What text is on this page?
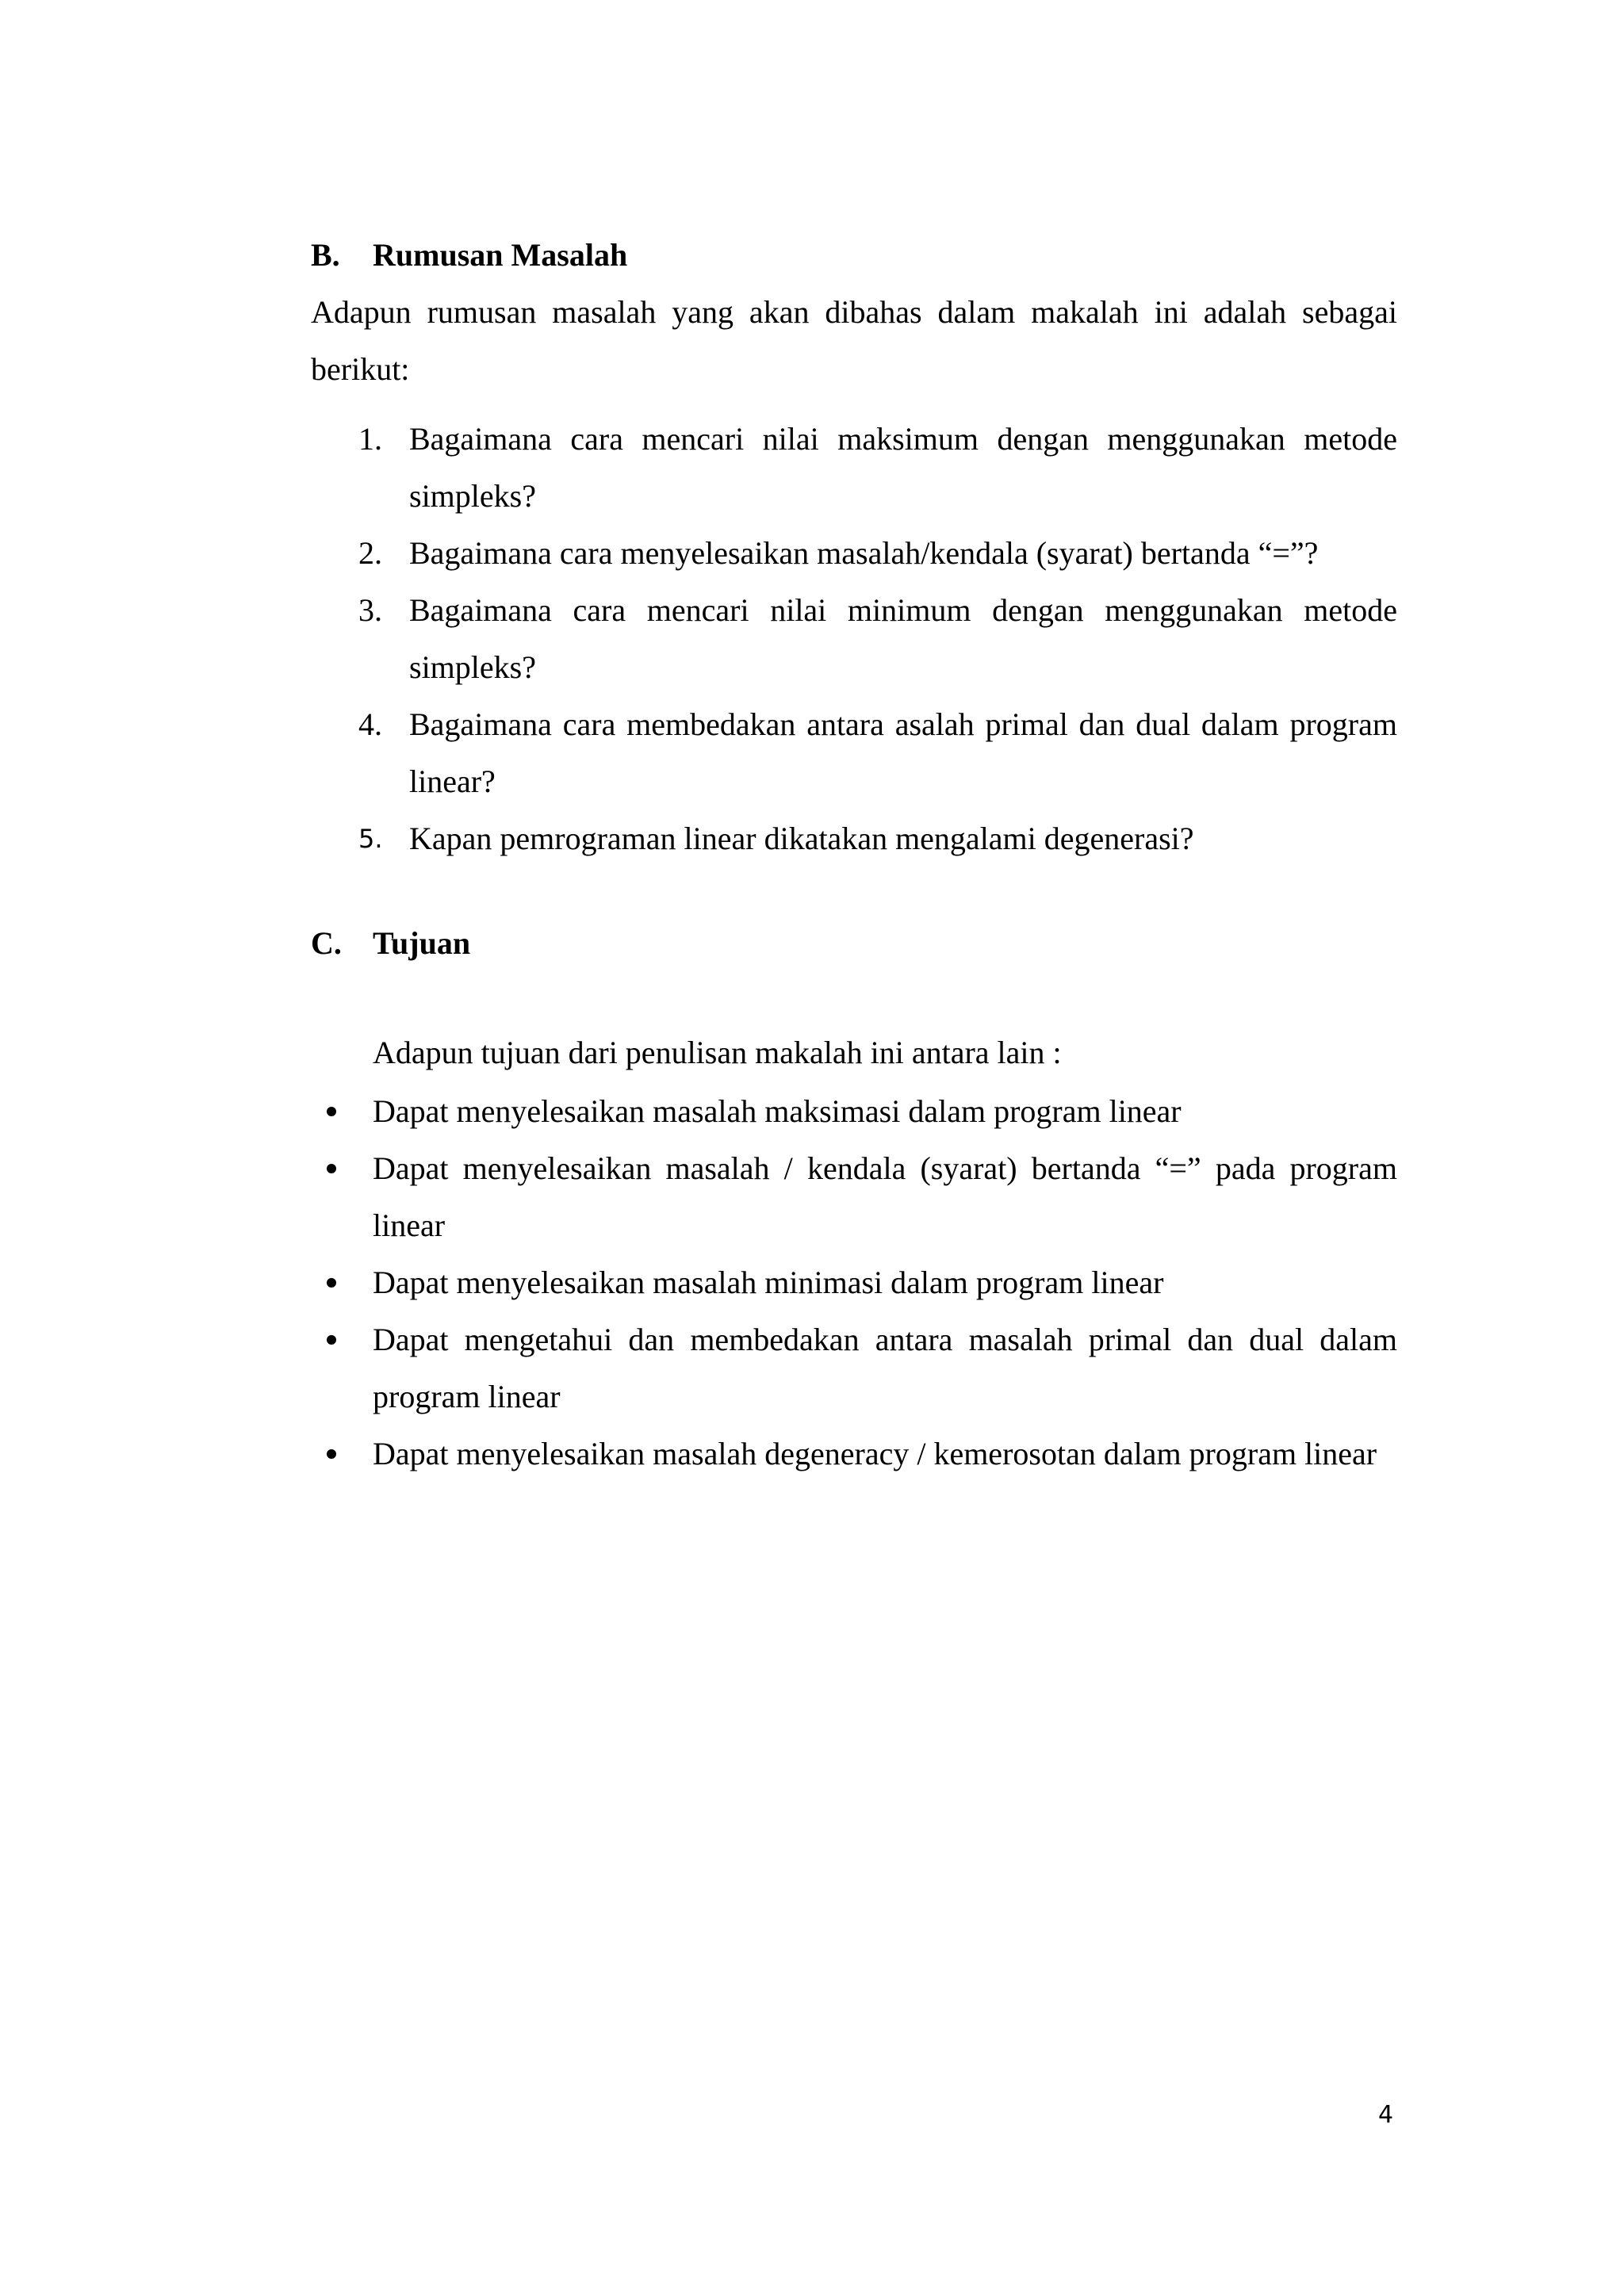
B.	Rumusan Masalah

Adapun rumusan masalah yang akan dibahas dalam makalah ini adalah sebagai berikut:

1. Bagaimana cara mencari nilai maksimum dengan menggunakan metode simpleks?
2. Bagaimana cara menyelesaikan masalah/kendala (syarat) bertanda “=”?
3. Bagaimana cara mencari nilai minimum dengan menggunakan metode simpleks?
4. Bagaimana cara membedakan antara asalah primal dan dual dalam program linear?
5. Kapan pemrograman linear dikatakan mengalami degenerasi?
C. Tujuan

Adapun tujuan dari penulisan makalah ini antara lain :

Dapat menyelesaikan masalah maksimasi dalam program linear
Dapat menyelesaikan masalah / kendala (syarat) bertanda “=” pada program linear
Dapat menyelesaikan masalah minimasi dalam program linear
Dapat mengetahui dan membedakan antara masalah primal dan dual dalam program linear
Dapat menyelesaikan masalah degeneracy / kemerosotan dalam program linear
4
